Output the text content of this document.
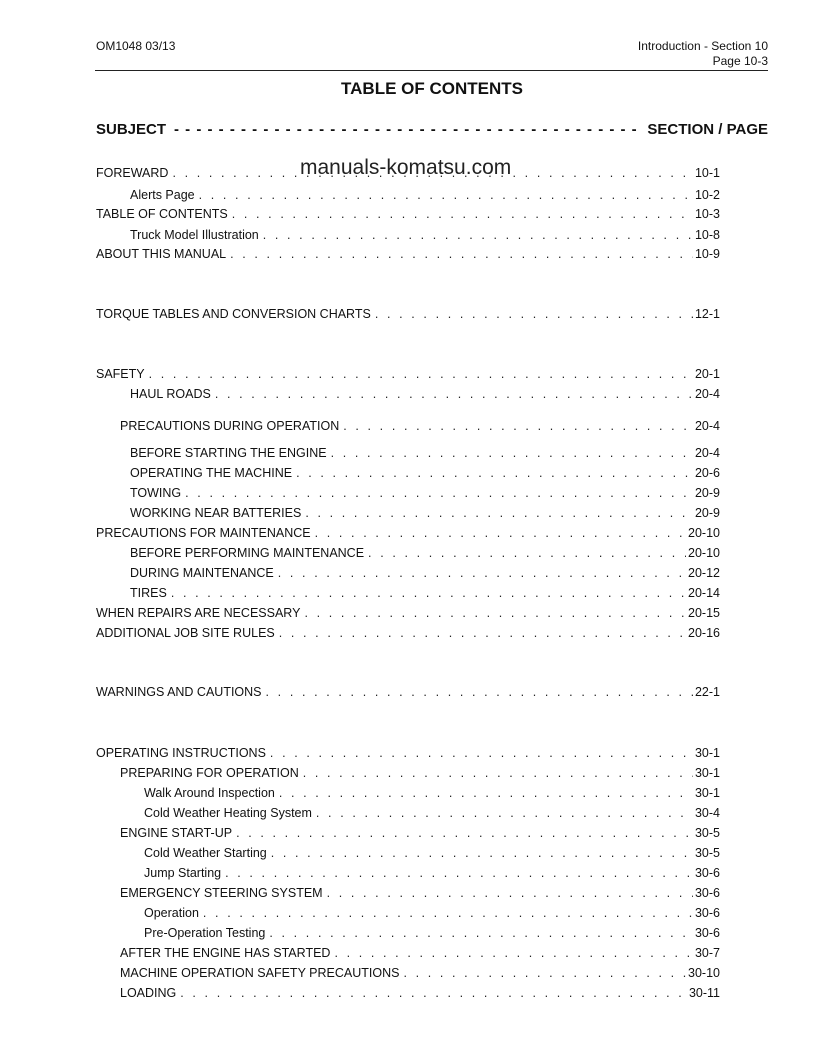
OM1048 03/13	Introduction - Section 10
Page 10-3
TABLE OF CONTENTS
SUBJECT - - -	SECTION / PAGE
manuals-komatsu.com
FOREWARD . . .	10-1
Alerts Page . . .	10-2
TABLE OF CONTENTS . . .	10-3
Truck Model Illustration . . .	10-8
ABOUT THIS MANUAL . . .	10-9
TORQUE TABLES AND CONVERSION CHARTS . . .	12-1
SAFETY . . .	20-1
HAUL ROADS . . .	20-4
PRECAUTIONS DURING OPERATION . . .	20-4
BEFORE STARTING THE ENGINE . . .	20-4
OPERATING THE MACHINE . . .	20-6
TOWING . . .	20-9
WORKING NEAR BATTERIES . . .	20-9
PRECAUTIONS FOR MAINTENANCE . . .	20-10
BEFORE PERFORMING MAINTENANCE . . .	20-10
DURING MAINTENANCE . . .	20-12
TIRES . . .	20-14
WHEN REPAIRS ARE NECESSARY . . .	20-15
ADDITIONAL JOB SITE RULES . . .	20-16
WARNINGS AND CAUTIONS . . .	22-1
OPERATING INSTRUCTIONS . . .	30-1
PREPARING FOR OPERATION . . .	30-1
Walk Around Inspection . . .	30-1
Cold Weather Heating System . . .	30-4
ENGINE START-UP . . .	30-5
Cold Weather Starting . . .	30-5
Jump Starting . . .	30-6
EMERGENCY STEERING SYSTEM . . .	30-6
Operation . . .	30-6
Pre-Operation Testing . . .	30-6
AFTER THE ENGINE HAS STARTED . . .	30-7
MACHINE OPERATION SAFETY PRECAUTIONS . . .	30-10
LOADING . . .	30-11
